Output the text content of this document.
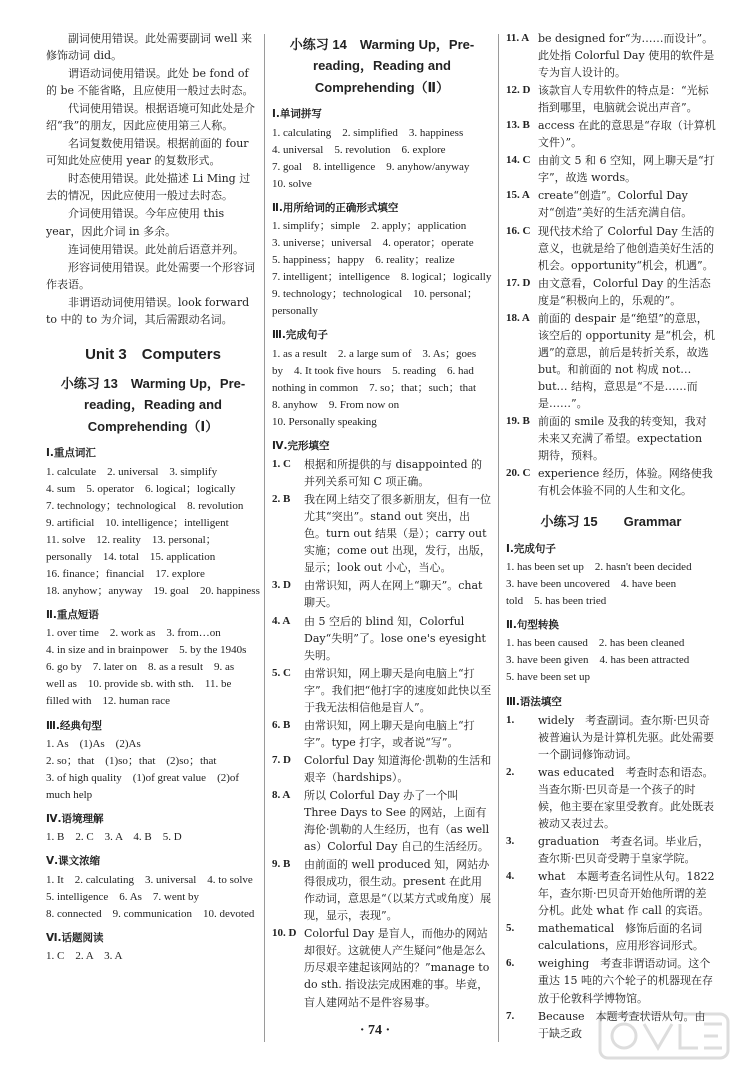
副词使用错误。此处需要副词 well 来修饰动词 did。

谓语动词使用错误。此处 be fond of 的 be 不能省略，且应使用一般过去时态。

代词使用错误。根据语境可知此处是介绍“我”的朋友，因此应使用第三人称。

名词复数使用错误。根据前面的 four 可知此处应使用 year 的复数形式。

时态使用错误。此处描述 Li Ming 过去的情况，因此应使用一般过去时态。

介词使用错误。今年应使用 this year，因此介词 in 多余。

连词使用错误。此处前后语意并列。

形容词使用错误。此处需要一个形容词作表语。

非谓语动词使用错误。look forward to 中的 to 为介词，其后需跟动名词。

Unit 3　Computers
小练习 13　Warming Up，Pre-reading，Reading and Comprehending（Ⅰ）
Ⅰ.重点词汇
1. calculate　2. universal　3. simplify
4. sum　5. operator　6. logical；logically
7. technology；technological　8. revolution
9. artificial　10. intelligence；intelligent
11. solve　12. reality　13. personal；
personally　14. total　15. application
16. finance；financial　17. explore
18. anyhow；anyway　19. goal　20. happiness
Ⅱ.重点短语
1. over time　2. work as　3. from…on
4. in size and in brainpower　5. by the 1940s
6. go by　7. later on　8. as a result　9. as
well as　10. provide sb. with sth.　11. be
filled with　12. human race
Ⅲ.经典句型
1. As　(1)As　(2)As
2. so；that　(1)so；that　(2)so；that
3. of high quality　(1)of great value　(2)of
much help
Ⅳ.语境理解
1. B　2. C　3. A　4. B　5. D
Ⅴ.课文浓缩
1. It　2. calculating　3. universal　4. to solve
5. intelligence　6. As　7. went by
8. connected　9. communication　10. devoted
Ⅵ.话题阅读
1. C　2. A　3. A
小练习 14　Warming Up，Pre-reading，Reading and Comprehending（Ⅱ）
Ⅰ.单词拼写
1. calculating　2. simplified　3. happiness
4. universal　5. revolution　6. explore
7. goal　8. intelligence　9. anyhow/anyway
10. solve
Ⅱ.用所给词的正确形式填空
1. simplify；simple　2. apply；application
3. universe；universal　4. operator；operate
5. happiness；happy　6. reality；realize
7. intelligent；intelligence　8. logical；logically
9. technology；technological　10. personal；
personally
Ⅲ.完成句子
1. as a result　2. a large sum of　3. As；goes
by　4. It took five hours　5. reading　6. had
nothing in common　7. so；that；such；that
8. anyhow　9. From now on
10. Personally speaking
Ⅳ.完形填空
1. C	根据和所提供的与 disappointed 的并列关系可知 C 项正确。
2. B	我在网上结交了很多新朋友，但有一位尤其“突出”。stand out 突出，出色。turn out 结果（是）；carry out 实施；come out 出现，发行，出版，显示；look out 小心，当心。
3. D	由常识知，两人在网上“聊天”。chat 聊天。
4. A	由 5 空后的 blind 知，Colorful Day“失明”了。lose one's eyesight 失明。
5. C	由常识知，网上聊天是向电脑上“打字”。我们把“他打字的速度如此快以至于我无法相信他是盲人”。
6. B	由常识知，网上聊天是向电脑上“打字”。type 打字，或者说“写”。
7. D	Colorful Day 知道海伦·凯勒的生活和艰辛（hardships）。
8. A	所以 Colorful Day 办了一个叫 Three Days to See 的网站，上面有海伦·凯勒的人生经历，也有（as well as）Colorful Day 自己的生活经历。
9. B	由前面的 well produced 知，网站办得很成功，很生动。present 在此用作动词，意思是“（以某方式或角度）展现，显示，表现”。
10. D Colorful Day 是盲人，而他办的网站却很好。这就使人产生疑问“他是怎么历尽艰辛建起该网站的？”manage to do sth. 指设法完成困难的事。毕竟，盲人建网站不是件容易事。
11. A be designed for“为……而设计”。此处指 Colorful Day 使用的软件是专为盲人设计的。
12. D 该款盲人专用软件的特点是：“光标指到哪里，电脑就会说出声音”。
13. B access 在此的意思是“存取（计算机文件）”。
14. C 由前文 5 和 6 空知，网上聊天是“打字”，故选 words。
15. A create“创造”。Colorful Day 对“创造”美好的生活充满自信。
16. C 现代技术给了 Colorful Day 生活的意义，也就是给了他创造美好生活的机会。opportunity“机会，机遇”。
17. D 由文意看，Colorful Day 的生活态度是“积极向上的，乐观的”。
18. A 前面的 despair 是“绝望”的意思，该空后的 opportunity 是“机会，机遇”的意思，前后是转折关系，故选 but。和前面的 not 构成 not… but… 结构，意思是“不是……而是……”。
19. B 前面的 smile 及我的转变知，我对未来又充满了希望。expectation 期待，预料。
20. C experience 经历，体验。网络使我有机会体验不同的人生和文化。
小练习 15　　Grammar
Ⅰ.完成句子
1. has been set up　2. hasn't been decided
3. have been uncovered　4. have been
told　5. has been tried
Ⅱ.句型转换
1. has been caused　2. has been cleaned
3. have been given　4. has been attracted
5. have been set up
Ⅲ.语法填空
1.	widely　考查副词。查尔斯·巴贝奇被普遍认为是计算机先驱。此处需要一个副词修饰动词。
2.	was educated　考查时态和语态。当查尔斯·巴贝奇是一个孩子的时候，他主要在家里受教育。此处既表被动又表过去。
3.	graduation　考查名词。毕业后，查尔斯·巴贝奇受聘于皇家学院。
4.	what　本题考查名词性从句。1822 年，查尔斯·巴贝奇开始他所谓的差分机。此处 what 作 call 的宾语。
5.	mathematical　修饰后面的名词 calculations，应用形容词形式。
6.	weighing　考查非谓语动词。这个重达 15 吨的六个轮子的机器现在存放于伦敦科学博物馆。
7.	Because　本题考查状语从句。由于缺乏政
· 74 ·
